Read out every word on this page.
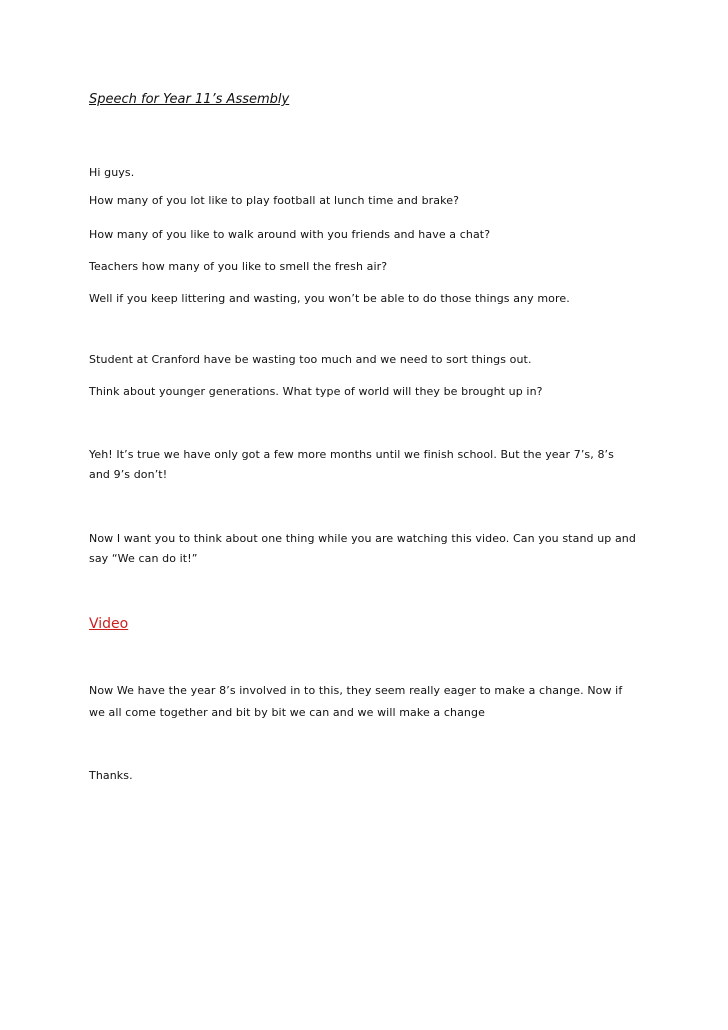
Speech for Year 11’s Assembly
Hi guys.
How many of you lot like to play football at lunch time and brake?
How many of you like to walk around with you friends and have a chat?
Teachers how many of you like to smell the fresh air?
Well if you keep littering and wasting, you won’t be able to do those things any more.
Student at Cranford have be wasting too much and we need to sort things out.
Think about younger generations. What type of world will they be brought up in?
Yeh! It’s true we have only got a few more months until we finish school. But the year 7’s, 8’s
and 9’s don’t!
Now I want you to think about one thing while you are watching this video. Can you stand up and
say “We can do it!”
Video
Now We have the year 8’s involved in to this, they seem really eager to make a change. Now if
we all come together and bit by bit we can and we will make a change
Thanks.
